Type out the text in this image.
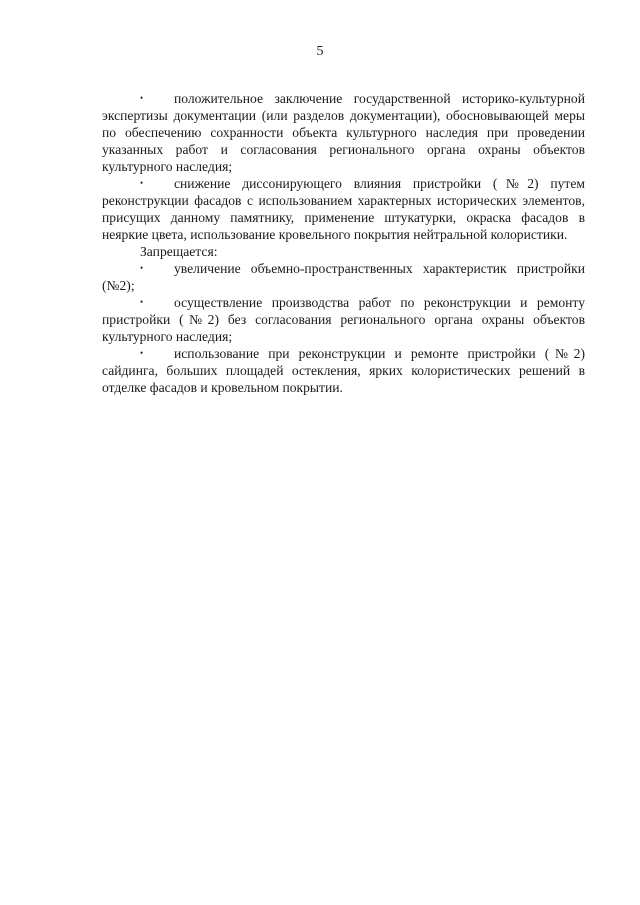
5

• положительное заключение государственной историко-культурной экспертизы документации (или разделов документации), обосновывающей меры по обеспечению сохранности объекта культурного наследия при проведении указанных работ и согласования регионального органа охраны объектов культурного наследия;

• снижение диссонирующего влияния пристройки (№2) путем реконструкции фасадов с использованием характерных исторических элементов, присущих данному памятнику, применение штукатурки, окраска фасадов в неяркие цвета, использование кровельного покрытия нейтральной колористики.

Запрещается:

• увеличение объемно-пространственных характеристик пристройки (№2);

• осуществление производства работ по реконструкции и ремонту пристройки (№2) без согласования регионального органа охраны объектов культурного наследия;

• использование при реконструкции и ремонте пристройки (№2) сайдинга, больших площадей остекления, ярких колористических решений в отделке фасадов и кровельном покрытии.
